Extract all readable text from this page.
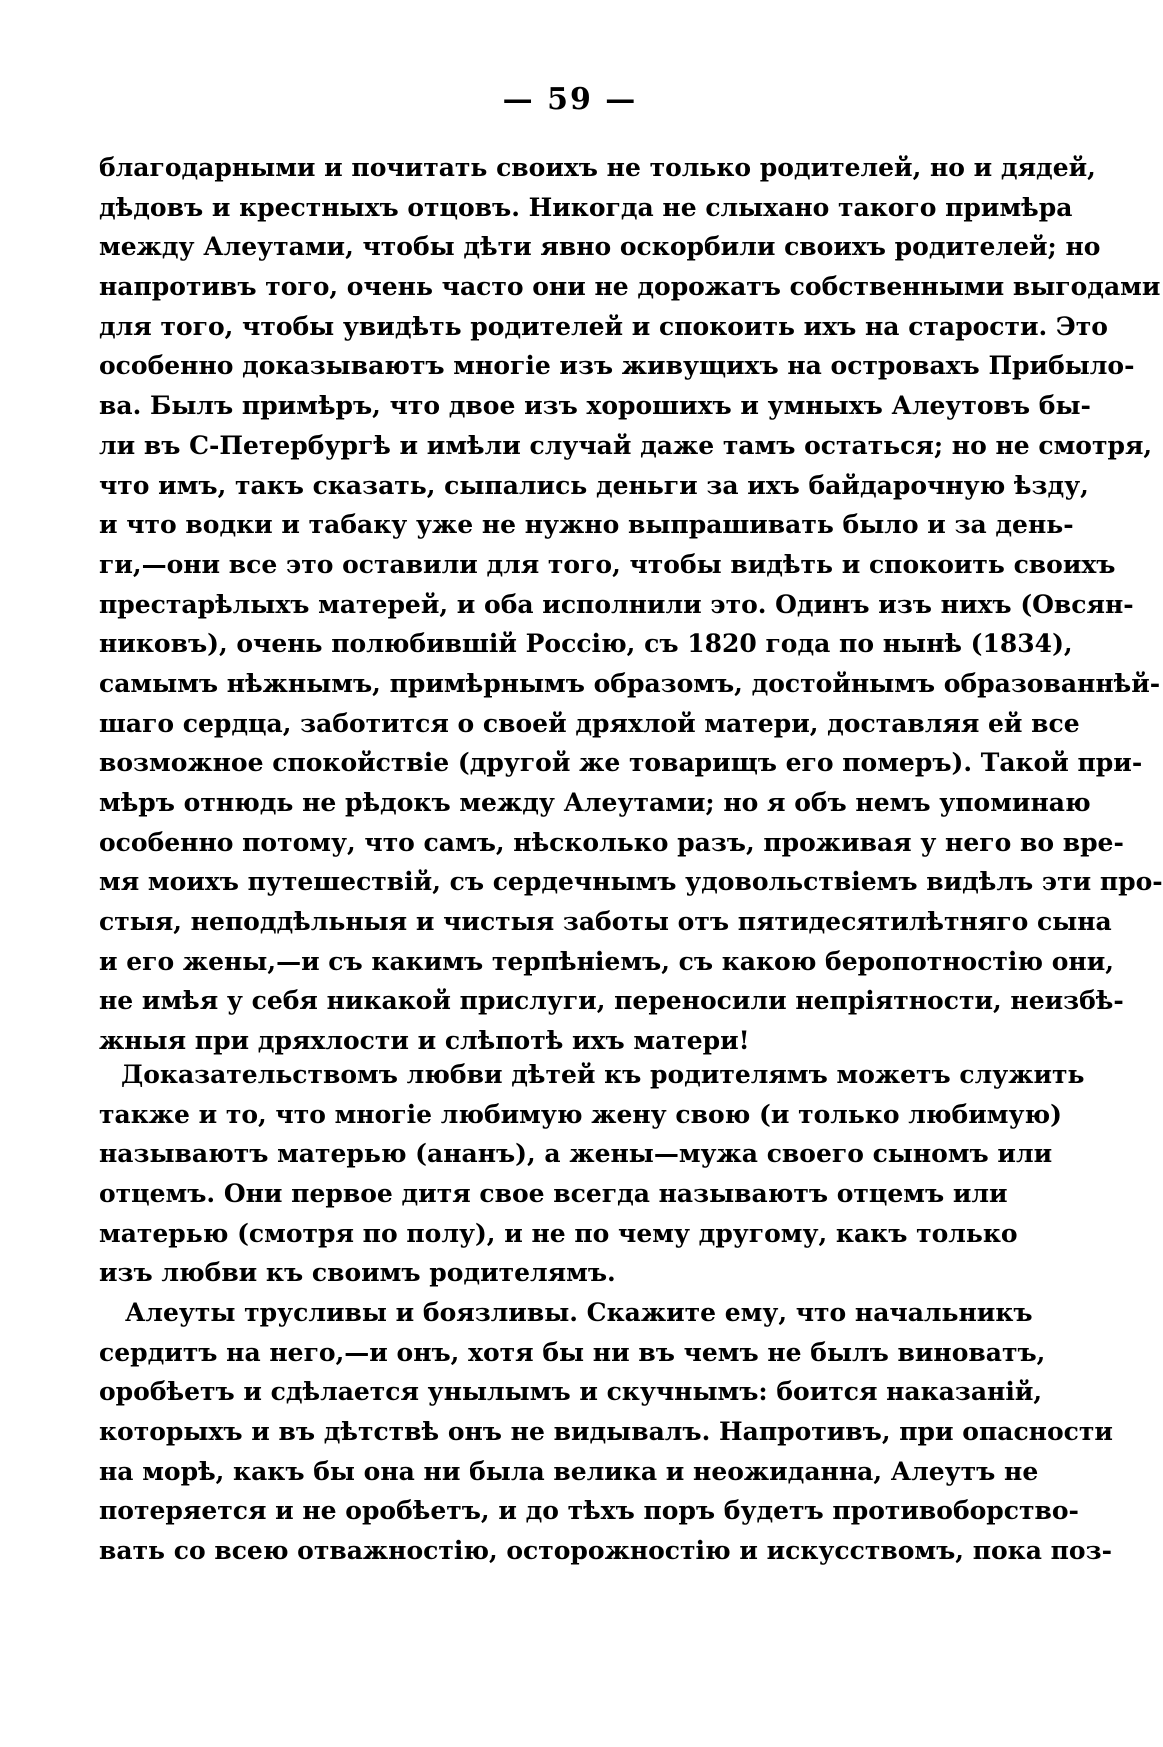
— 59 —
благодарными и почитать своихъ не только родителей, но и дядей,
дѣдовъ и крестныхъ отцовъ. Никогда не слыхано такого примѣра
между Алеутами, чтобы дѣти явно оскорбили своихъ родителей; но
напротивъ того, очень часто они не дорожатъ собственными выгодами
для того, чтобы увидѣть родителей и спокоить ихъ на старости. Это
особенно доказываютъ многіе изъ живущихъ на островахъ Прибыло-
ва. Былъ примѣръ, что двое изъ хорошихъ и умныхъ Алеутовъ бы-
ли въ С-Петербургѣ и имѣли случай даже тамъ остаться; но не смотря,
что имъ, такъ сказать, сыпались деньги за ихъ байдарочную ѣзду,
и что водки и табаку уже не нужно выпрашивать было и за день-
ги,—они все это оставили для того, чтобы видѣть и спокоить своихъ
престарѣлыхъ матерей, и оба исполнили это. Одинъ изъ нихъ (Овсян-
никовъ), очень полюбившій Россію, съ 1820 года по нынѣ (1834),
самымъ нѣжнымъ, примѣрнымъ образомъ, достойнымъ образованнѣй-
шаго сердца, заботится о своей дряхлой матери, доставляя ей все
возможное спокойствіе (другой же товарищъ его померъ). Такой при-
мѣръ отнюдь не рѣдокъ между Алеутами; но я объ немъ упоминаю
особенно потому, что самъ, нѣсколько разъ, проживая у него во вре-
мя моихъ путешествій, съ сердечнымъ удовольствіемъ видѣлъ эти про-
стыя, неподдѣльныя и чистыя заботы отъ пятидесятилѣтняго сына
и его жены,—и съ какимъ терпѣніемъ, съ какою беропотностію они,
не имѣя у себя никакой прислуги, переносили непріятности, неизбѣ-
жныя при дряхлости и слѣпотѣ ихъ матери!
Доказательствомъ любви дѣтей къ родителямъ можетъ служить
также и то, что многіе любимую жену свою (и только любимую)
называютъ матерью (ананъ), а жены—мужа своего сыномъ или
отцемъ. Они первое дитя свое всегда называютъ отцемъ или
матерью (смотря по полу), и не по чему другому, какъ только
изъ любви къ своимъ родителямъ.
Алеуты трусливы и боязливы. Скажите ему, что начальникъ
сердитъ на него,—и онъ, хотя бы ни въ чемъ не былъ виноватъ,
оробѣетъ и сдѣлается унылымъ и скучнымъ: боится наказаній,
которыхъ и въ дѣтствѣ онъ не видывалъ. Напротивъ, при опасности
на морѣ, какъ бы она ни была велика и неожиданна, Алеутъ не
потеряется и не оробѣетъ, и до тѣхъ поръ будетъ противоборство-
вать со всею отважностію, осторожностію и искусствомъ, пока поз-
